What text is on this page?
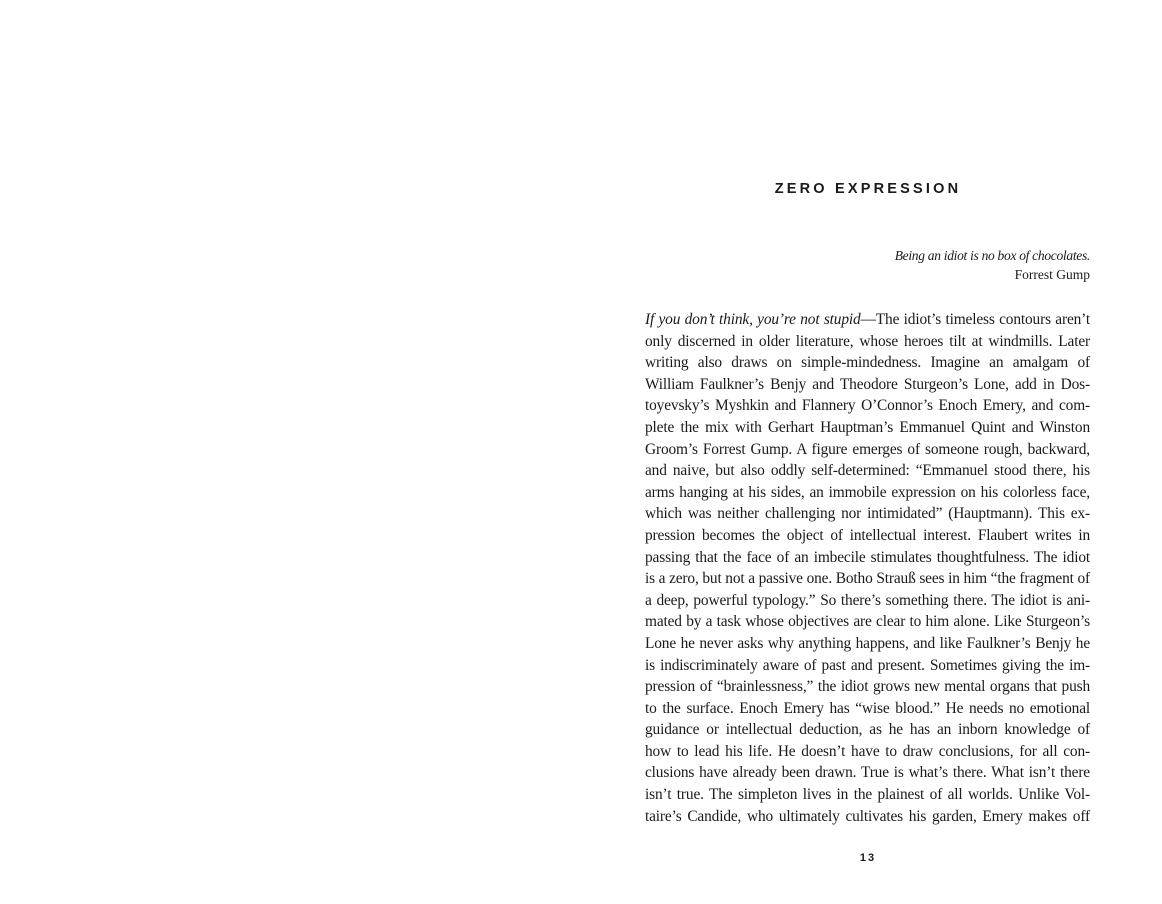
ZERO EXPRESSION
Being an idiot is no box of chocolates.
Forrest Gump
If you don’t think, you’re not stupid—The idiot’s timeless contours aren’t
only discerned in older literature, whose heroes tilt at windmills. Later
writing also draws on simple-mindedness. Imagine an amalgam of
William Faulkner’s Benjy and Theodore Sturgeon’s Lone, add in Dos-
toyevsky’s Myshkin and Flannery O’Connor’s Enoch Emery, and com-
plete the mix with Gerhart Hauptman’s Emmanuel Quint and Winston
Groom’s Forrest Gump. A figure emerges of someone rough, backward,
and naive, but also oddly self-determined: “Emmanuel stood there, his
arms hanging at his sides, an immobile expression on his colorless face,
which was neither challenging nor intimidated” (Hauptmann). This ex-
pression becomes the object of intellectual interest. Flaubert writes in
passing that the face of an imbecile stimulates thoughtfulness. The idiot
is a zero, but not a passive one. Botho Strauß sees in him “the fragment of
a deep, powerful typology.” So there’s something there. The idiot is ani-
mated by a task whose objectives are clear to him alone. Like Sturgeon’s
Lone he never asks why anything happens, and like Faulkner’s Benjy he
is indiscriminately aware of past and present. Sometimes giving the im-
pression of “brainlessness,” the idiot grows new mental organs that push
to the surface. Enoch Emery has “wise blood.” He needs no emotional
guidance or intellectual deduction, as he has an inborn knowledge of
how to lead his life. He doesn’t have to draw conclusions, for all con-
clusions have already been drawn. True is what’s there. What isn’t there
isn’t true. The simpleton lives in the plainest of all worlds. Unlike Vol-
taire’s Candide, who ultimately cultivates his garden, Emery makes off

13
